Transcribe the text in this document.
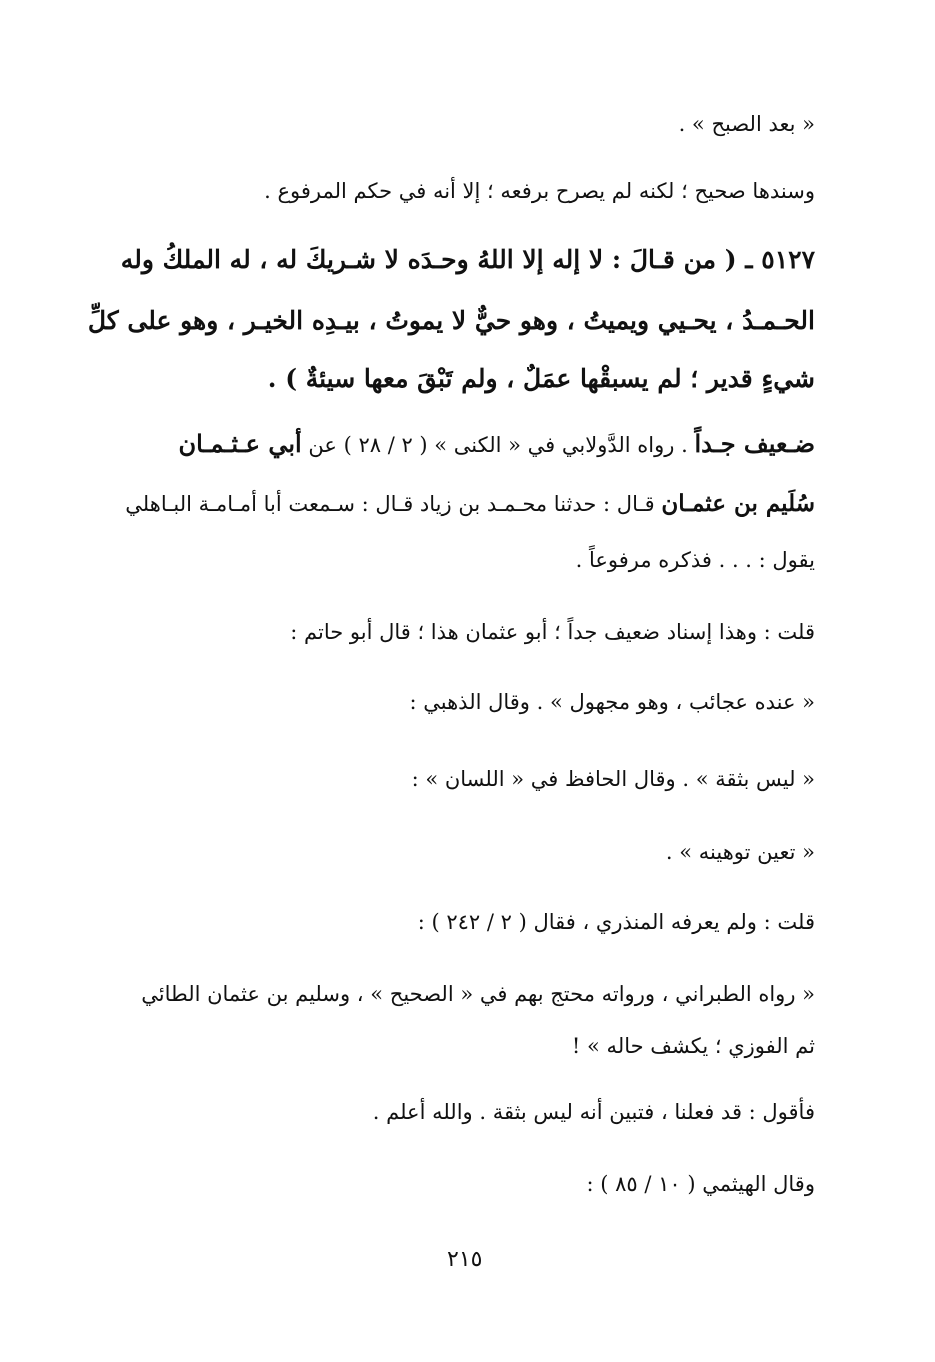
« بعد الصبح » .
وسندها صحيح ؛ لكنه لم يصرح برفعه ؛ إلا أنه في حكم المرفوع .
٥١٢٧ ـ ( من قـالَ : لا إله إلا اللهُ وحـدَه لا شـريكَ له ، له الملكُ وله
الحـمـدُ ، يحـيي ويميتُ ، وهو حيٌّ لا يموتُ ، بيـدِه الخيـر ، وهو على كلِّ
شيءٍ قدير ؛ لم يسبقْها عمَلٌ ، ولم تَبْقَ معها سيئةٌ ) .
ضـعيف جـداً . رواه الدَّولابي في « الكنى » ( ٢ / ٢٨ ) عن أبي عـثـمـان
سُلَيم بن عثمـان قـال : حدثنا محـمـد بن زياد قـال : سـمعت أبا أمـامـة البـاهلي
يقول : . . . فذكره مرفوعاً .
قلت : وهذا إسناد ضعيف جداً ؛ أبو عثمان هذا ؛ قال أبو حاتم :
« عنده عجائب ، وهو مجهول » . وقال الذهبي :
« ليس بثقة » . وقال الحافظ في « اللسان » :
« تعين توهينه » .
قلت : ولم يعرفه المنذري ، فقال ( ٢ / ٢٤٢ ) :
« رواه الطبراني ، ورواته محتج بهم في « الصحيح » ، وسليم بن عثمان الطائي
ثم الفوزي ؛ يكشف حاله » !
فأقول : قد فعلنا ، فتبين أنه ليس بثقة . والله أعلم .
وقال الهيثمي ( ١٠ / ٨٥ ) :
٢١٥
